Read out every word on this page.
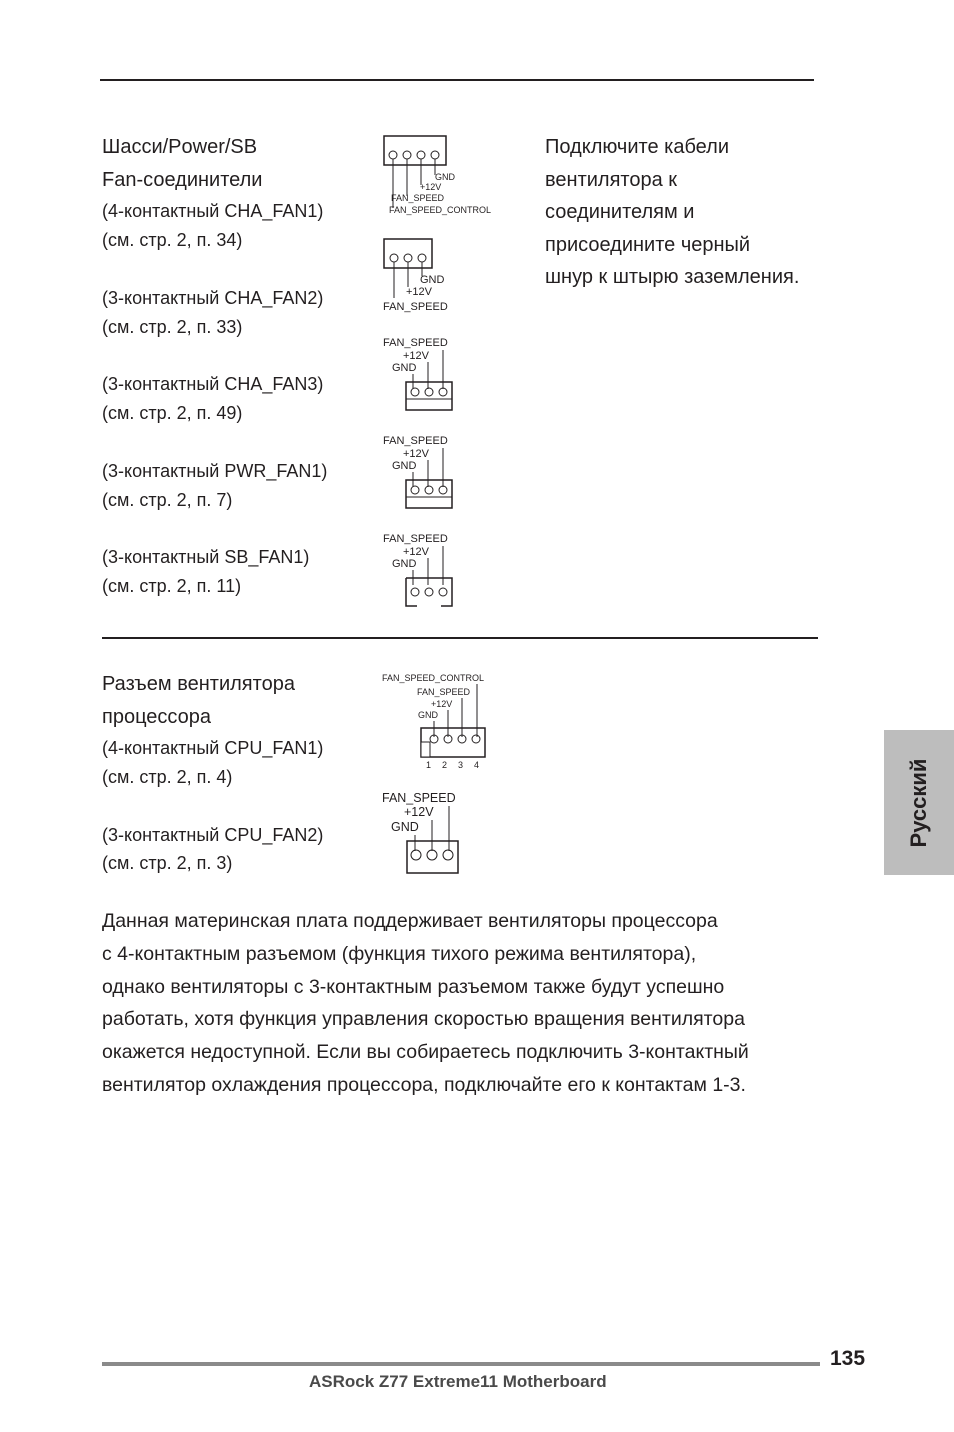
Шасси/Power/SB
Fan-соединители
(4-контактный CHA_FAN1)
(см. стр. 2, п. 34)
(3-контактный CHA_FAN2)
(см. стр. 2, п. 33)
(3-контактный CHA_FAN3)
(см. стр. 2, п. 49)
(3-контактный PWR_FAN1)
(см. стр. 2, п. 7)
(3-контактный SB_FAN1)
(см. стр. 2, п. 11)
Подключите кабели
вентилятора к
соединителям и
присоедините черный
шнур к штырю заземления.
GND
+12V
FAN_SPEED
FAN_SPEED_CONTROL
GND
+12V
FAN_SPEED
FAN_SPEED
+12V
GND
FAN_SPEED
+12V
GND
FAN_SPEED
+12V
GND
Разъем вентилятора
процессора
(4-контактный CPU_FAN1)
(см. стр. 2, п. 4)
(3-контактный CPU_FAN2)
(см. стр. 2, п. 3)
FAN_SPEED_CONTROL
FAN_SPEED
+12V
GND
1 2 3 4
FAN_SPEED
+12V
GND
Данная материнская плата поддерживает вентиляторы процессора
с 4-контактным разъемом (функция тихого режима вентилятора),
однако вентиляторы с 3-контактным разъемом также будут успешно
работать, хотя функция управления скоростью вращения вентилятора
окажется недоступной. Если вы собираетесь подключить 3-контактный
вентилятор охлаждения процессора, подключайте его к контактам 1-3.
Русский
135
ASRock Z77 Extreme11 Motherboard
